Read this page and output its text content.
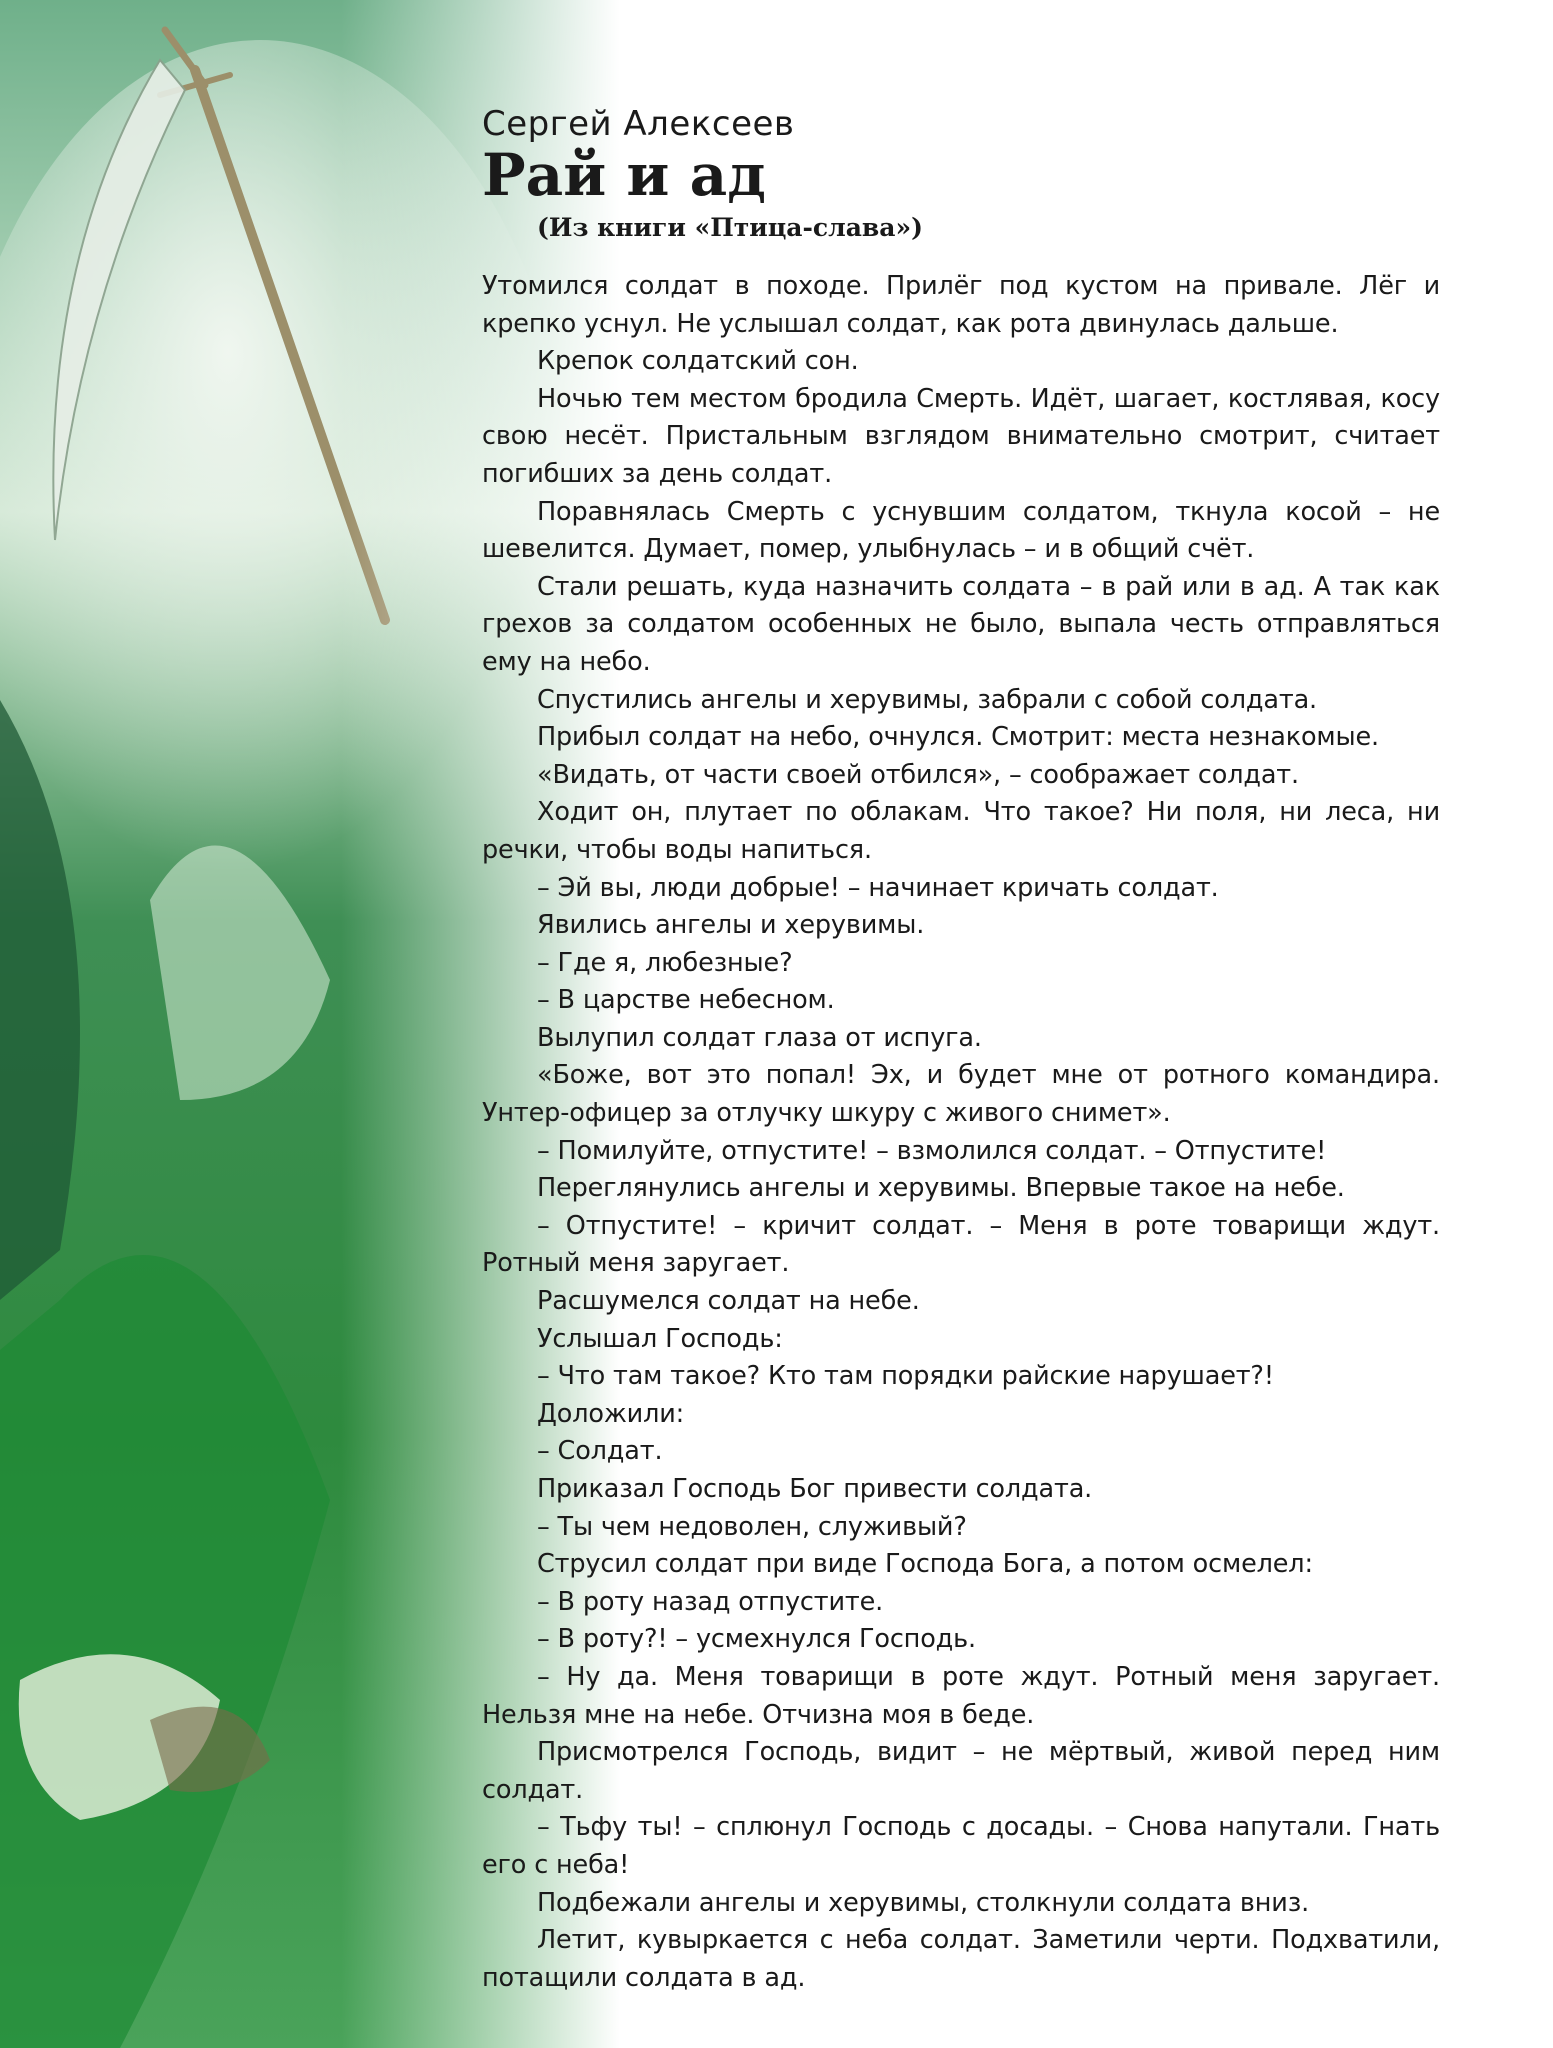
Сергей Алексеев

Рай и ад

(Из книги «Птица-слава»)

Утомился солдат в походе. Прилёг под кустом на привале. Лёг и крепко уснул. Не услышал солдат, как рота двинулась дальше.

Крепок солдатский сон.

Ночью тем местом бродила Смерть. Идёт, шагает, костлявая, косу свою несёт. Пристальным взглядом внимательно смотрит, считает погибших за день солдат.

Поравнялась Смерть с уснувшим солдатом, ткнула косой – не шевелится. Думает, помер, улыбнулась – и в общий счёт.

Стали решать, куда назначить солдата – в рай или в ад. А так как грехов за солдатом особенных не было, выпала честь отправляться ему на небо.

Спустились ангелы и херувимы, забрали с собой солдата.

Прибыл солдат на небо, очнулся. Смотрит: места незнакомые.

«Видать, от части своей отбился», – соображает солдат.

Ходит он, плутает по облакам. Что такое? Ни поля, ни леса, ни речки, чтобы воды напиться.

– Эй вы, люди добрые! – начинает кричать солдат.

Явились ангелы и херувимы.

– Где я, любезные?

– В царстве небесном.

Вылупил солдат глаза от испуга.

«Боже, вот это попал! Эх, и будет мне от ротного командира. Унтер-офицер за отлучку шкуру с живого снимет».

– Помилуйте, отпустите! – взмолился солдат. – Отпустите!

Переглянулись ангелы и херувимы. Впервые такое на небе.

– Отпустите! – кричит солдат. – Меня в роте товарищи ждут. Ротный меня заругает.

Расшумелся солдат на небе.

Услышал Господь:

– Что там такое? Кто там порядки райские нарушает?!

Доложили:

– Солдат.

Приказал Господь Бог привести солдата.

– Ты чем недоволен, служивый?

Струсил солдат при виде Господа Бога, а потом осмелел:

– В роту назад отпустите.

– В роту?! – усмехнулся Господь.

– Ну да. Меня товарищи в роте ждут. Ротный меня заругает. Нельзя мне на небе. Отчизна моя в беде.

Присмотрелся Господь, видит – не мёртвый, живой перед ним солдат.

– Тьфу ты! – сплюнул Господь с досады. – Снова напутали. Гнать его с неба!

Подбежали ангелы и херувимы, столкнули солдата вниз.

Летит, кувыркается с неба солдат. Заметили черти. Подхватили, потащили солдата в ад.
